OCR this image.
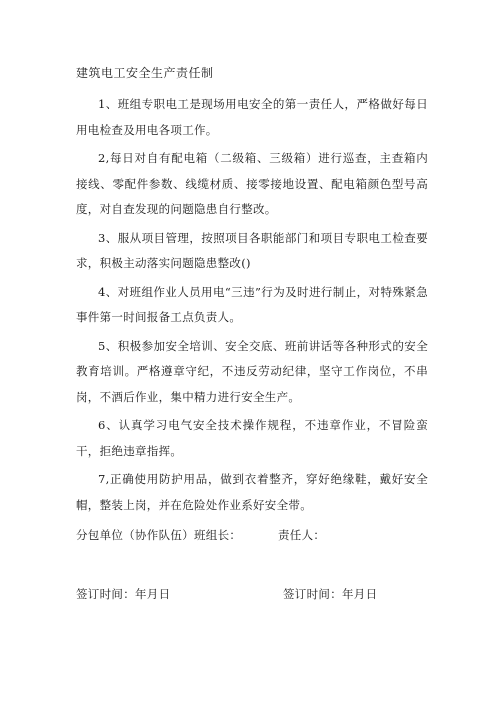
建筑电工安全生产责任制

1、班组专职电工是现场用电安全的第一责任人，严格做好每日用电检查及用电各项工作。

2,每日对自有配电箱（二级箱、三级箱）进行巡查，主查箱内接线、零配件参数、线缆材质、接零接地设置、配电箱颜色型号高度，对自查发现的问题隐患自行整改。

3、服从项目管理，按照项目各职能部门和项目专职电工检查要求，积极主动落实问题隐患整改()

4、对班组作业人员用电“三违”行为及时进行制止，对特殊紧急事件第一时间报备工点负责人。

5、积极参加安全培训、安全交底、班前讲话等各种形式的安全教育培训。严格遵章守纪，不违反劳动纪律，坚守工作岗位，不串岗，不酒后作业，集中精力进行安全生产。

6、认真学习电气安全技术操作规程，不违章作业，不冒险蛮干，拒绝违章指挥。

7,正确使用防护用品，做到衣着整齐，穿好绝缘鞋，戴好安全帽，整装上岗，并在危险处作业系好安全带。

分包单位（协作队伍）班组长：	责任人：
签订时间：年月日	签订时间：年月日
